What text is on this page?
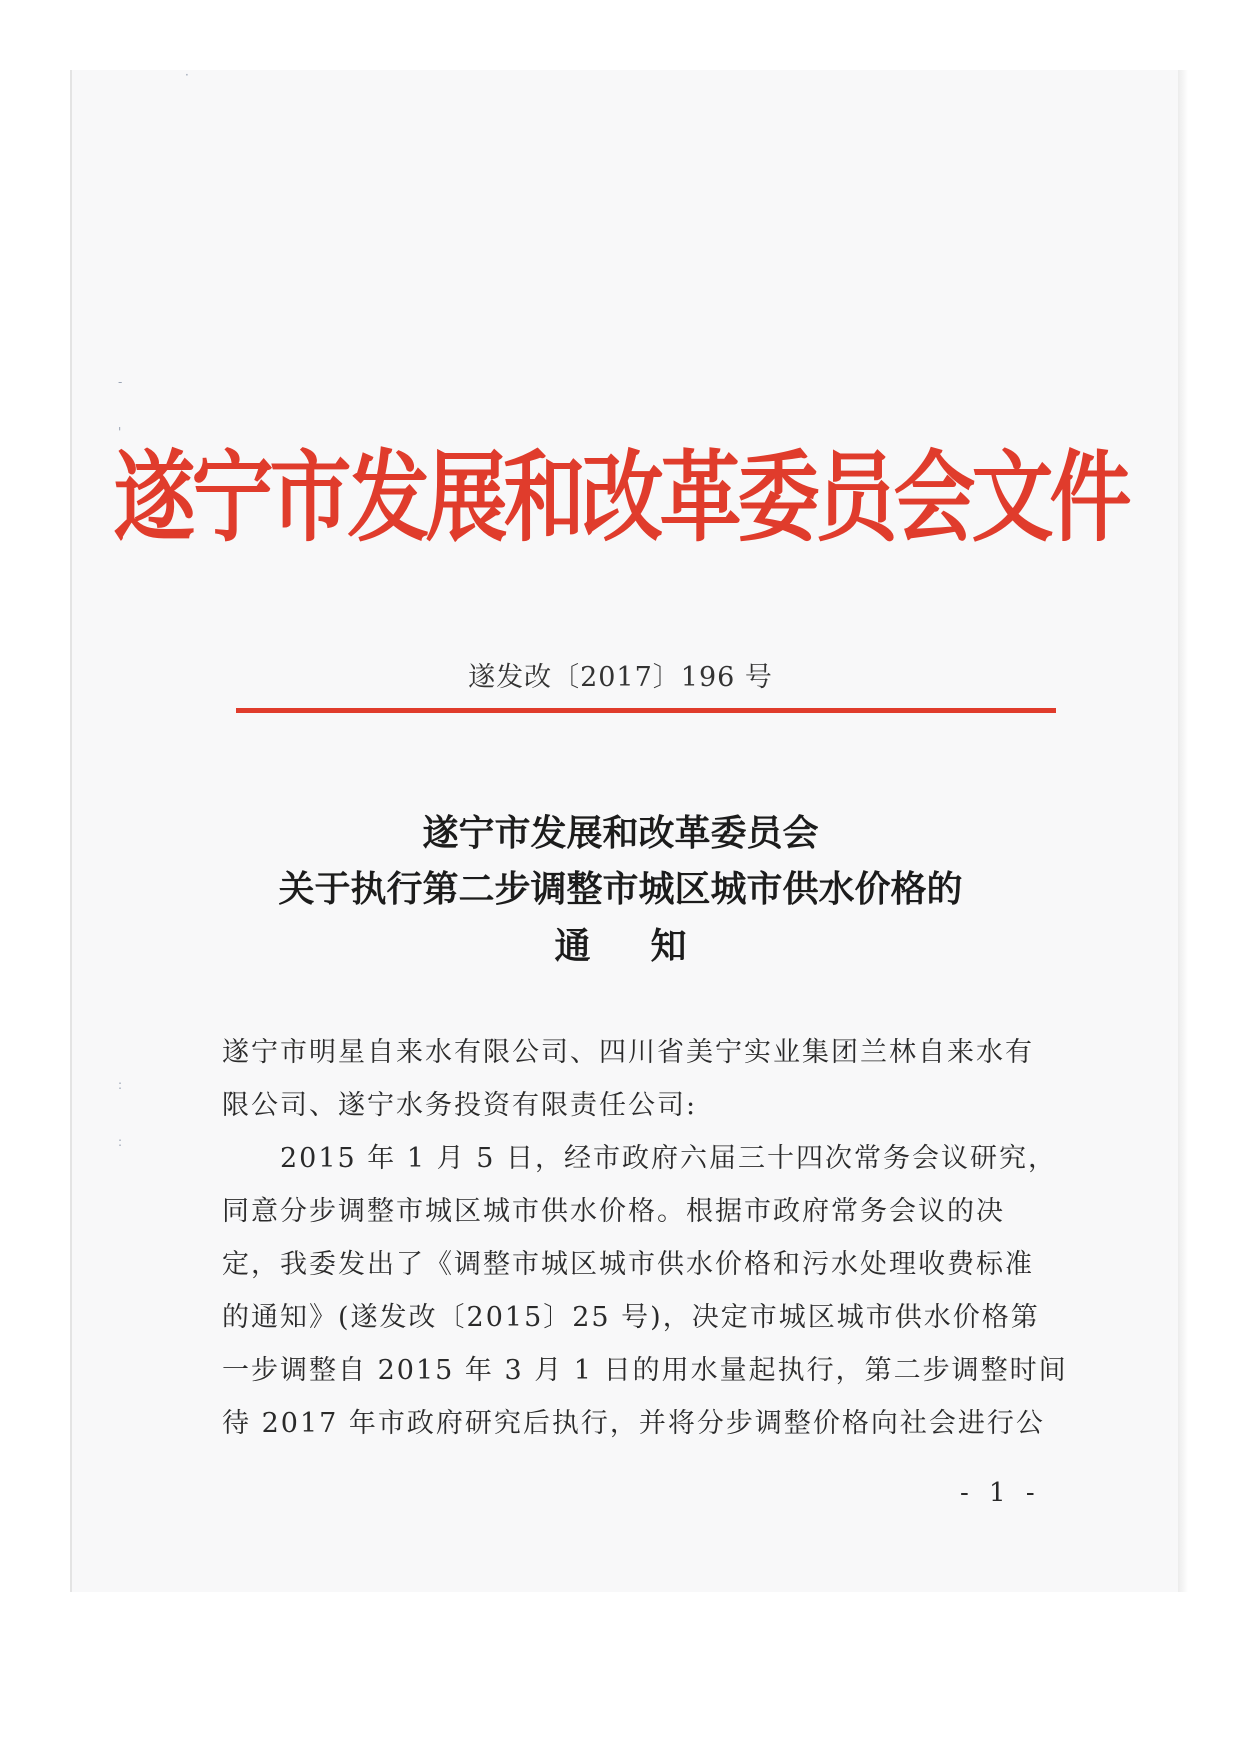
·
-
'
:
:
遂宁市发展和改革委员会文件
遂发改〔2017〕196 号
遂宁市发展和改革委员会
关于执行第二步调整市城区城市供水价格的
通知
遂宁市明星自来水有限公司、四川省美宁实业集团兰林自来水有
限公司、遂宁水务投资有限责任公司:
　　2015 年 1 月 5 日，经市政府六届三十四次常务会议研究，
同意分步调整市城区城市供水价格。根据市政府常务会议的决
定，我委发出了《调整市城区城市供水价格和污水处理收费标准
的通知》(遂发改〔2015〕25 号)，决定市城区城市供水价格第
一步调整自 2015 年 3 月 1 日的用水量起执行，第二步调整时间
待 2017 年市政府研究后执行，并将分步调整价格向社会进行公
- 1 -
